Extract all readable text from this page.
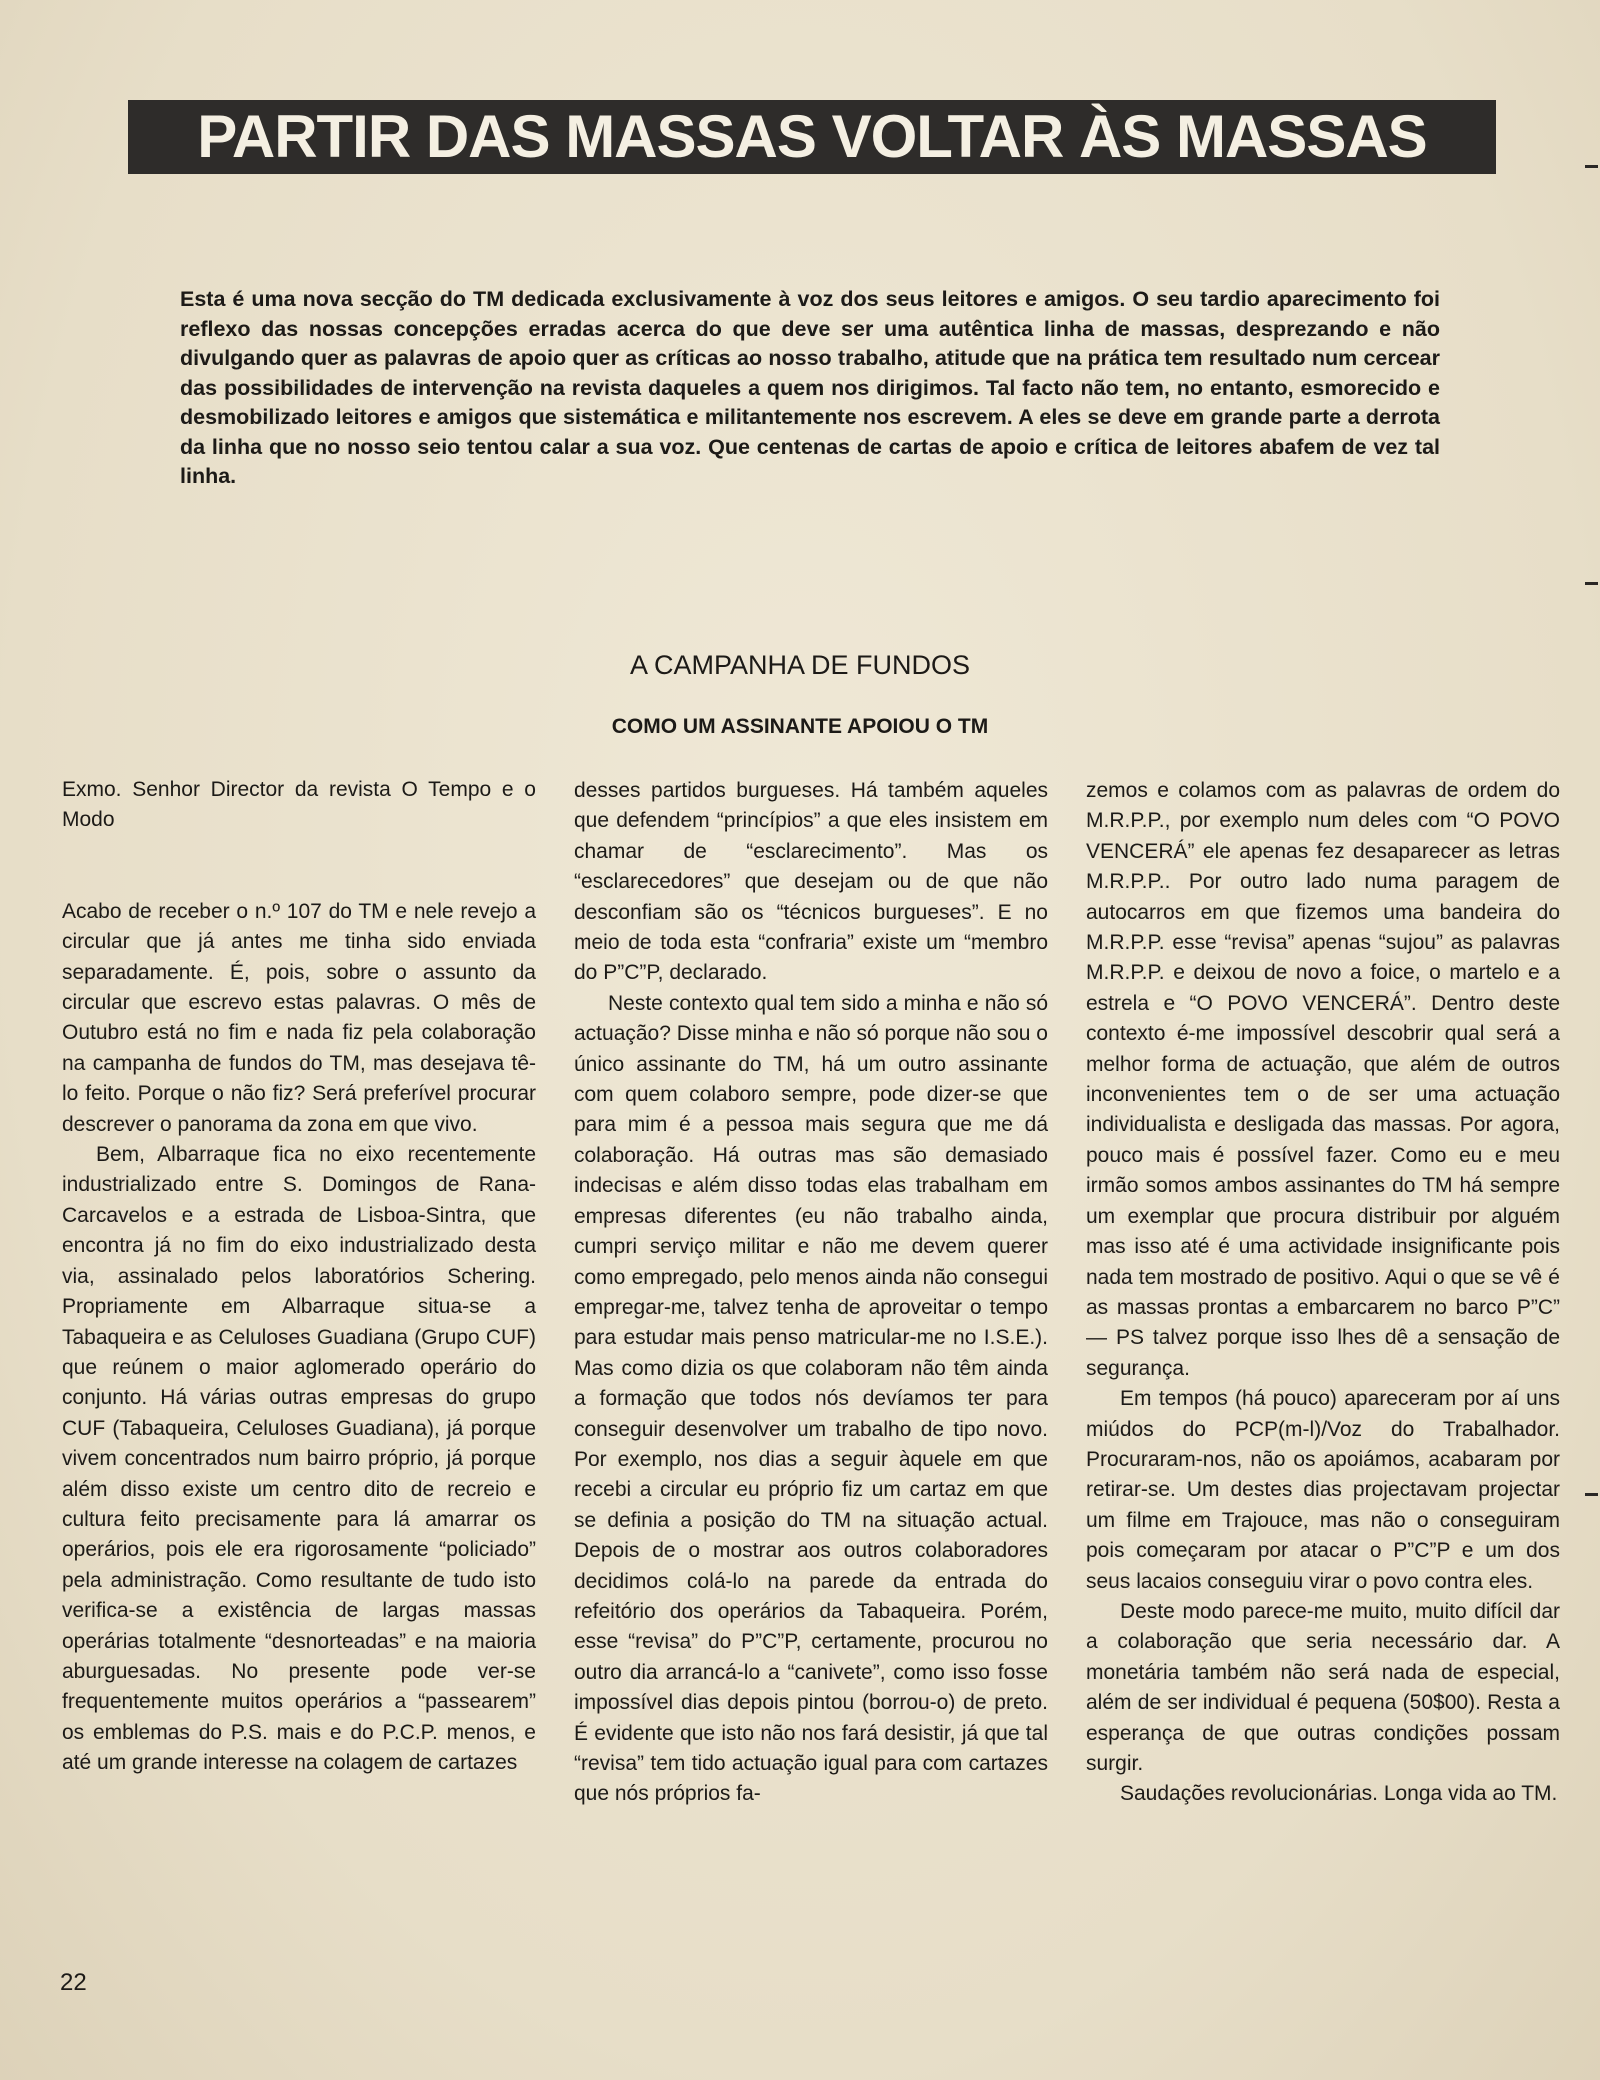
PARTIR DAS MASSAS VOLTAR ÀS MASSAS
Esta é uma nova secção do TM dedicada exclusivamente à voz dos seus leitores e amigos. O seu tardio aparecimento foi reflexo das nossas concepções erradas acerca do que deve ser uma autêntica linha de massas, desprezando e não divulgando quer as palavras de apoio quer as críticas ao nosso trabalho, atitude que na prática tem resultado num cercear das possibilidades de intervenção na revista daqueles a quem nos dirigimos. Tal facto não tem, no entanto, esmorecido e desmobilizado leitores e amigos que sistemática e militantemente nos escrevem. A eles se deve em grande parte a derrota da linha que no nosso seio tentou calar a sua voz. Que centenas de cartas de apoio e crítica de leitores abafem de vez tal linha.
A CAMPANHA DE FUNDOS
COMO UM ASSINANTE APOIOU O TM

Exmo. Senhor Director da revista O Tempo e o Modo

Acabo de receber o n.º 107 do TM e nele revejo a circular que já antes me tinha sido enviada separadamente. É, pois, sobre o assunto da circular que escrevo estas palavras. O mês de Outubro está no fim e nada fiz pela colaboração na campanha de fundos do TM, mas desejava tê-lo feito. Porque o não fiz? Será preferível procurar descrever o panorama da zona em que vivo.

Bem, Albarraque fica no eixo recentemente industrializado entre S. Domingos de Rana-Carcavelos e a estrada de Lisboa-Sintra, que encontra já no fim do eixo industrializado desta via, assinalado pelos laboratórios Schering. Propriamente em Albarraque situa-se a Tabaqueira e as Celuloses Guadiana (Grupo CUF) que reúnem o maior aglomerado operário do conjunto. Há várias outras empresas do grupo CUF (Tabaqueira, Celuloses Guadiana), já porque vivem concentrados num bairro próprio, já porque além disso existe um centro dito de recreio e cultura feito precisamente para lá amarrar os operários, pois ele era rigorosamente “policiado” pela administração. Como resultante de tudo isto verifica-se a existência de largas massas operárias totalmente “desnorteadas” e na maioria aburguesadas. No presente pode ver-se frequentemente muitos operários a “passearem” os emblemas do P.S. mais e do P.C.P. menos, e até um grande interesse na colagem de cartazes

desses partidos burgueses. Há também aqueles que defendem “princípios” a que eles insistem em chamar de “esclarecimento”. Mas os “esclarecedores” que desejam ou de que não desconfiam são os “técnicos burgueses”. E no meio de toda esta “confraria” existe um “membro do P”C”P, declarado.

Neste contexto qual tem sido a minha e não só actuação? Disse minha e não só porque não sou o único assinante do TM, há um outro assinante com quem colaboro sempre, pode dizer-se que para mim é a pessoa mais segura que me dá colaboração. Há outras mas são demasiado indecisas e além disso todas elas trabalham em empresas diferentes (eu não trabalho ainda, cumpri serviço militar e não me devem querer como empregado, pelo menos ainda não consegui empregar-me, talvez tenha de aproveitar o tempo para estudar mais penso matricular-me no I.S.E.). Mas como dizia os que colaboram não têm ainda a formação que todos nós devíamos ter para conseguir desenvolver um trabalho de tipo novo. Por exemplo, nos dias a seguir àquele em que recebi a circular eu próprio fiz um cartaz em que se definia a posição do TM na situação actual. Depois de o mostrar aos outros colaboradores decidimos colá-lo na parede da entrada do refeitório dos operários da Tabaqueira. Porém, esse “revisa” do P”C”P, certamente, procurou no outro dia arrancá-lo a “canivete”, como isso fosse impossível dias depois pintou (borrou-o) de preto. É evidente que isto não nos fará desistir, já que tal “revisa” tem tido actuação igual para com cartazes que nós próprios fa-

zemos e colamos com as palavras de ordem do M.R.P.P., por exemplo num deles com “O POVO VENCERÁ” ele apenas fez desaparecer as letras M.R.P.P.. Por outro lado numa paragem de autocarros em que fizemos uma bandeira do M.R.P.P. esse “revisa” apenas “sujou” as palavras M.R.P.P. e deixou de novo a foice, o martelo e a estrela e “O POVO VENCERÁ”. Dentro deste contexto é-me impossível descobrir qual será a melhor forma de actuação, que além de outros inconvenientes tem o de ser uma actuação individualista e desligada das massas. Por agora, pouco mais é possível fazer. Como eu e meu irmão somos ambos assinantes do TM há sempre um exemplar que procura distribuir por alguém mas isso até é uma actividade insignificante pois nada tem mostrado de positivo. Aqui o que se vê é as massas prontas a embarcarem no barco P”C” — PS talvez porque isso lhes dê a sensação de segurança.

Em tempos (há pouco) apareceram por aí uns miúdos do PCP(m-l)/Voz do Trabalhador. Procuraram-nos, não os apoiámos, acabaram por retirar-se. Um destes dias projectavam projectar um filme em Trajouce, mas não o conseguiram pois começaram por atacar o P”C”P e um dos seus lacaios conseguiu virar o povo contra eles.

Deste modo parece-me muito, muito difícil dar a colaboração que seria necessário dar. A monetária também não será nada de especial, além de ser individual é pequena (50$00). Resta a esperança de que outras condições possam surgir.

Saudações revolucionárias. Longa vida ao TM.

22
